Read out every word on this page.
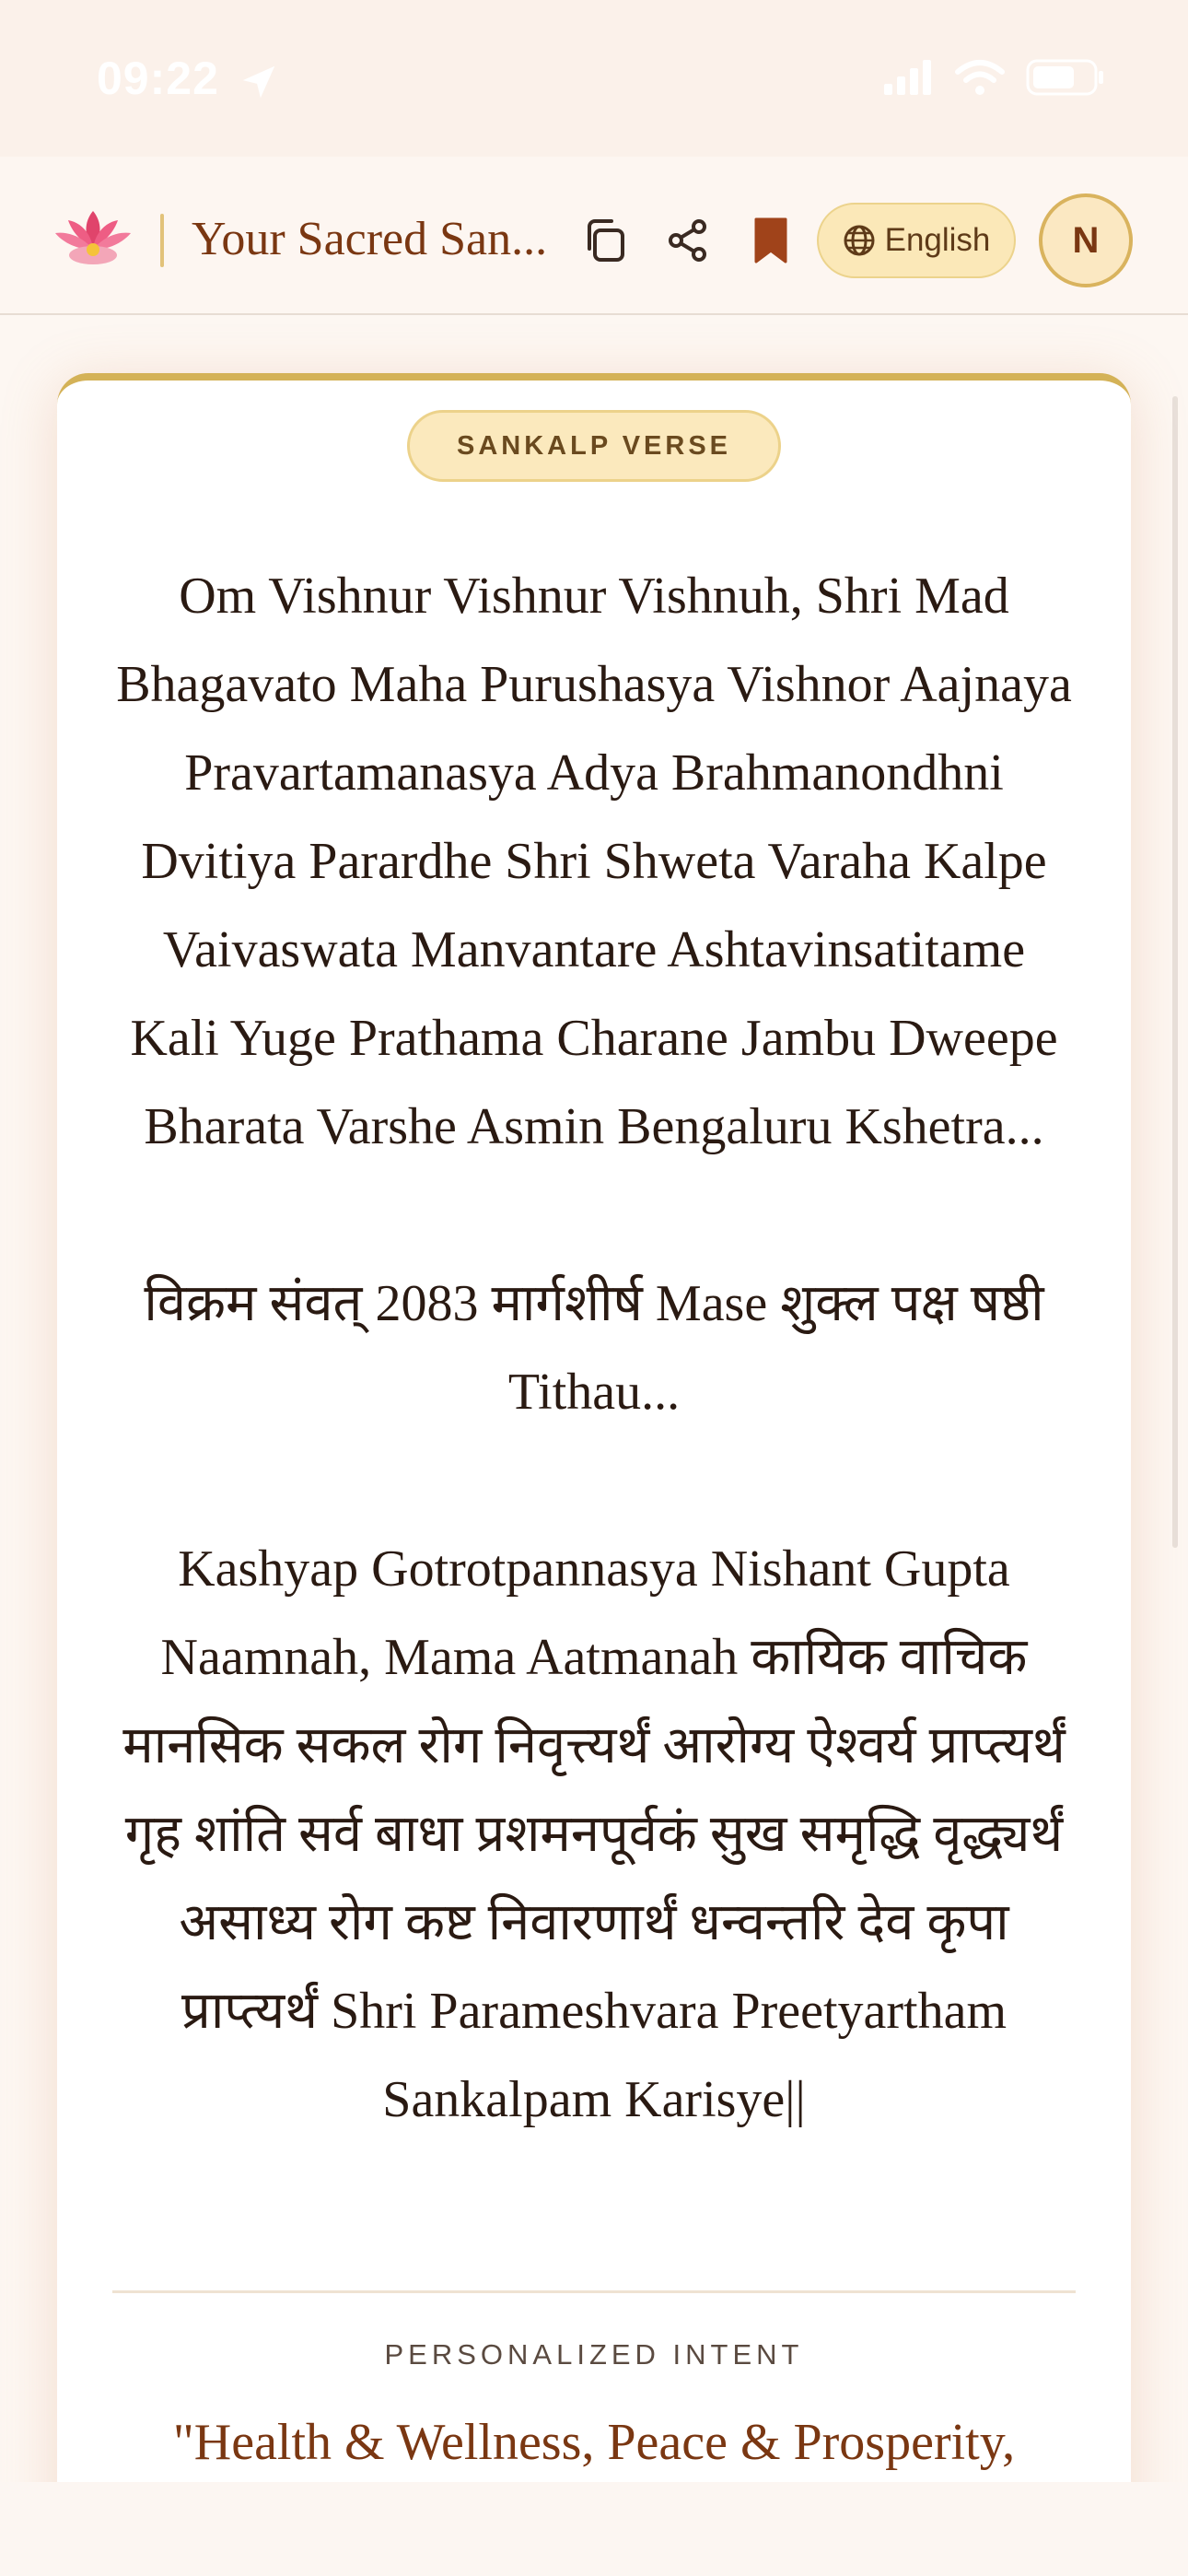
09:22
Your Sacred San...	English	N
SANKALP VERSE

Om Vishnur Vishnur Vishnuh, Shri Mad Bhagavato Maha Purushasya Vishnor Aajnaya Pravartamanasya Adya Brahmanondhni Dvitiya Parardhe Shri Shweta Varaha Kalpe Vaivaswata Manvantare Ashtavinsatitame Kali Yuge Prathama Charane Jambu Dweepe Bharata Varshe Asmin Bengaluru Kshetra...

विक्रम संवत् 2083 मार्गशीर्ष Mase शुक्ल पक्ष षष्ठी Tithau...

Kashyap Gotrotpannasya Nishant Gupta Naamnah, Mama Aatmanah कायिक वाचिक मानसिक सकल रोग निवृत्त्यर्थं आरोग्य ऐश्वर्य प्राप्त्यर्थं गृह शांति सर्व बाधा प्रशमनपूर्वकं सुख समृद्धि वृद्ध्यर्थं असाध्य रोग कष्ट निवारणार्थं धन्वन्तरि देव कृपा प्राप्त्यर्थं Shri Parameshvara Preetyartham Sankalpam Karisye||

PERSONALIZED INTENT
"Health & Wellness, Peace & Prosperity,
